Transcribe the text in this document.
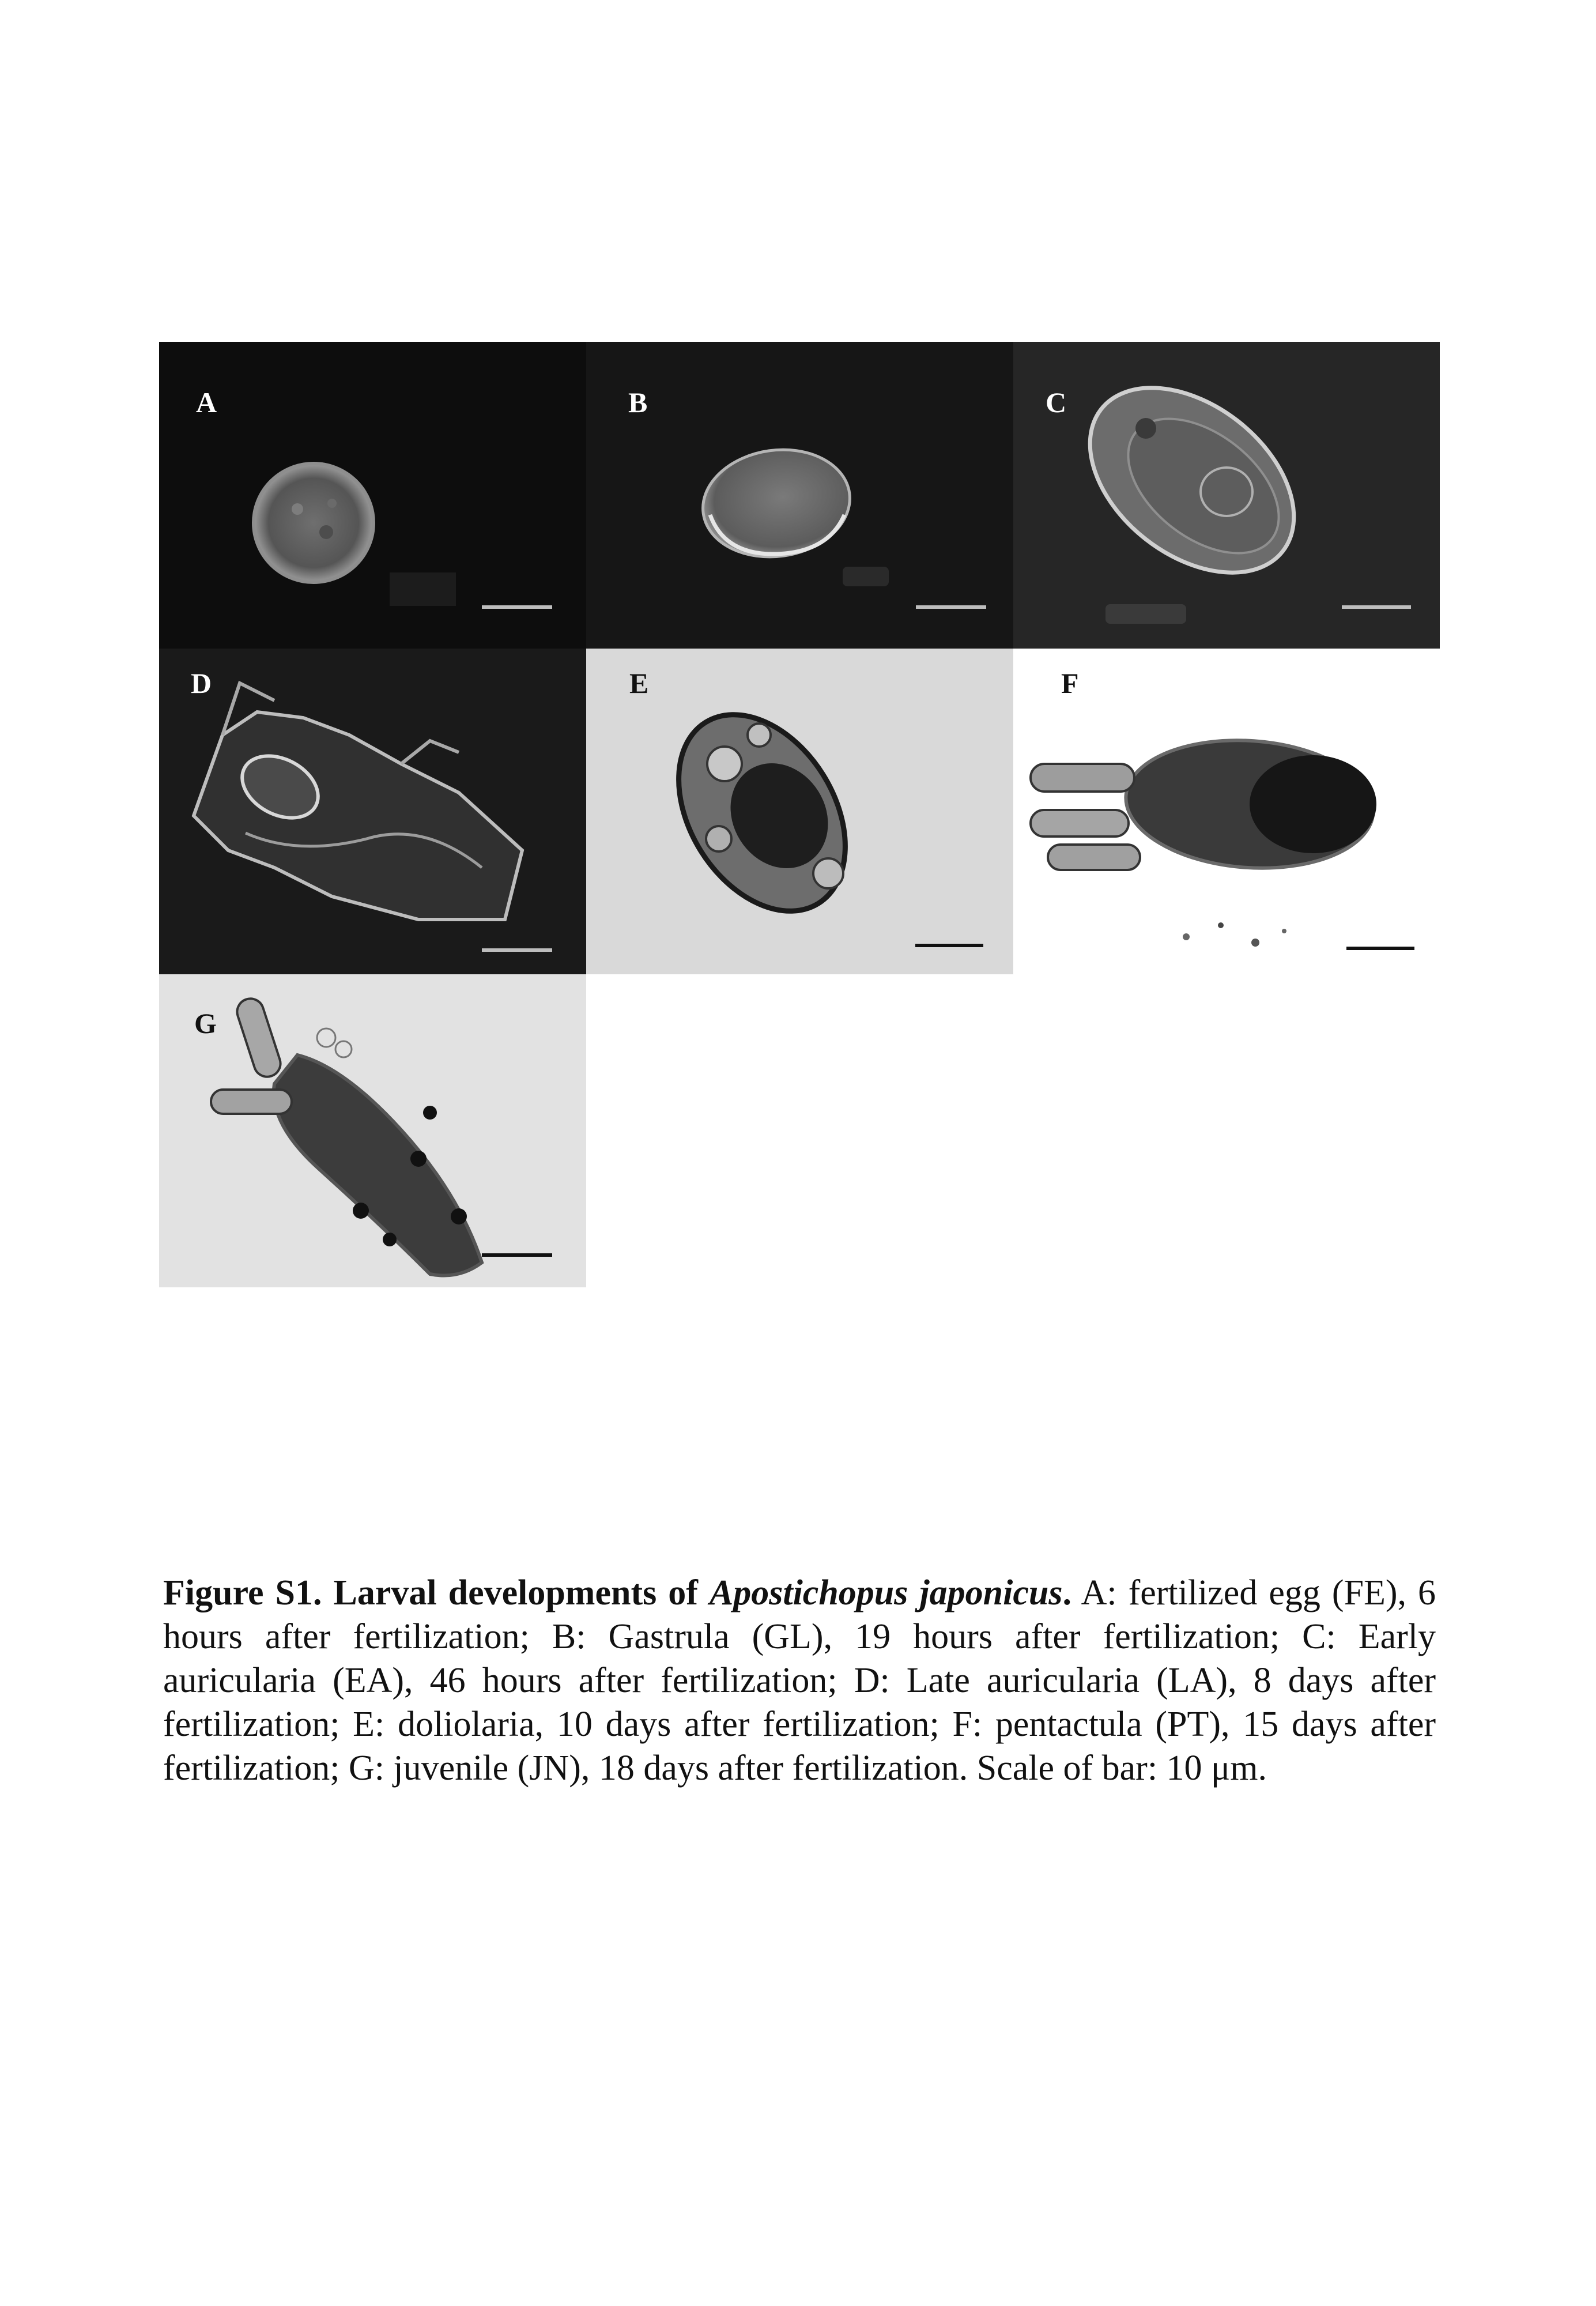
A	B	C
D	E	F
G
Figure S1. Larval developments of Apostichopus japonicus. A: fertilized egg (FE), 6 hours after fertilization; B: Gastrula (GL), 19 hours after fertilization; C: Early auricularia (EA), 46 hours after fertilization; D: Late auricularia (LA), 8 days after fertilization; E: doliolaria, 10 days after fertilization; F: pentactula (PT), 15 days after fertilization; G: juvenile (JN), 18 days after fertilization. Scale of bar: 10 μm.
